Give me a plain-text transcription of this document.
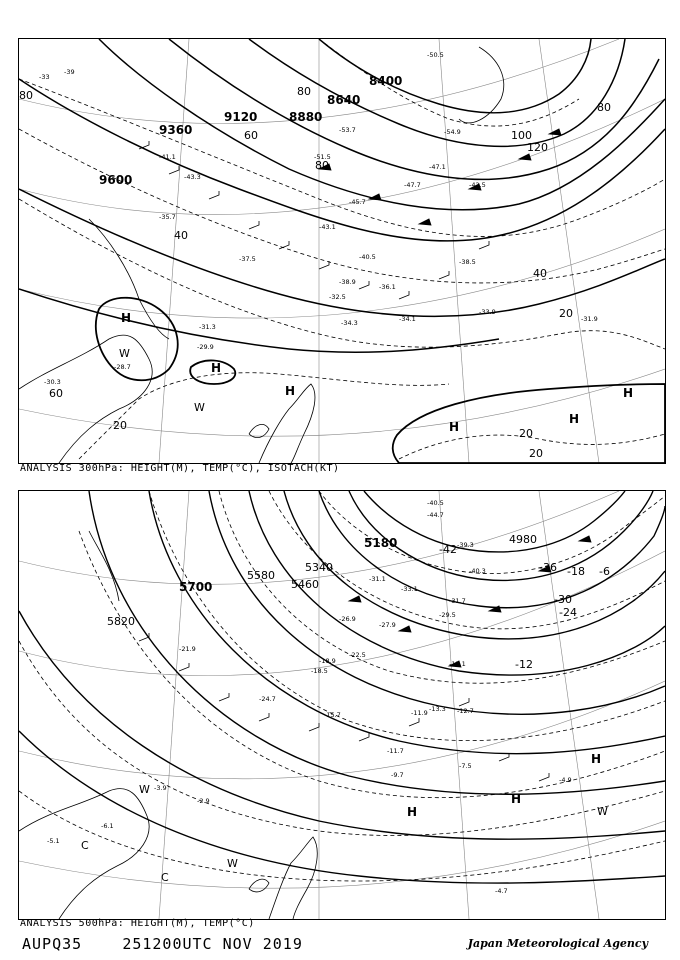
9600
9360
9120	8880
8640
8400
80	80
80
60
40
40
20
20
20
120
100
80
60
20
H
H
H
H
H
H
W
W
-33
-39
-41.1
-43.3
-45.7
-47.1
-50.5
-51.5
-53.7	-54.9
-47.7	-42.5
-38.5
-37.5
-34.1
-33.9
-31.9
-30.3
-31.3
-29.9
-28.7
-32.5
-34.3
-35.7
-36.1
-38.9
-43.1
-40.5
ANALYSIS 300hPa: HEIGHT(M), TEMP(°C), ISOTACH(KT)
5820
5700
5580
5460
5340
5180	4980
-42
-36
-30
-24
-18
-12
-6
H
H
H
W
W
W
C
C
-40.5
-44.7
-39.3
-40.3
-33.1
-31.7
-29.5
-27.9
-22.5
-18.5
-15.1
-13.3
-11.7
-9.7
-7.5
-4.9
-4.7
-6.1
-5.1
-2.9
-3.9
-11.9	-12.7
-15.7
-18.9
-21.9
-24.7
-26.9
-31.1
ANALYSIS 500hPa: HEIGHT(M), TEMP(°C)
AUPQ35	251200UTC NOV 2019	Japan Meteorological Agency
